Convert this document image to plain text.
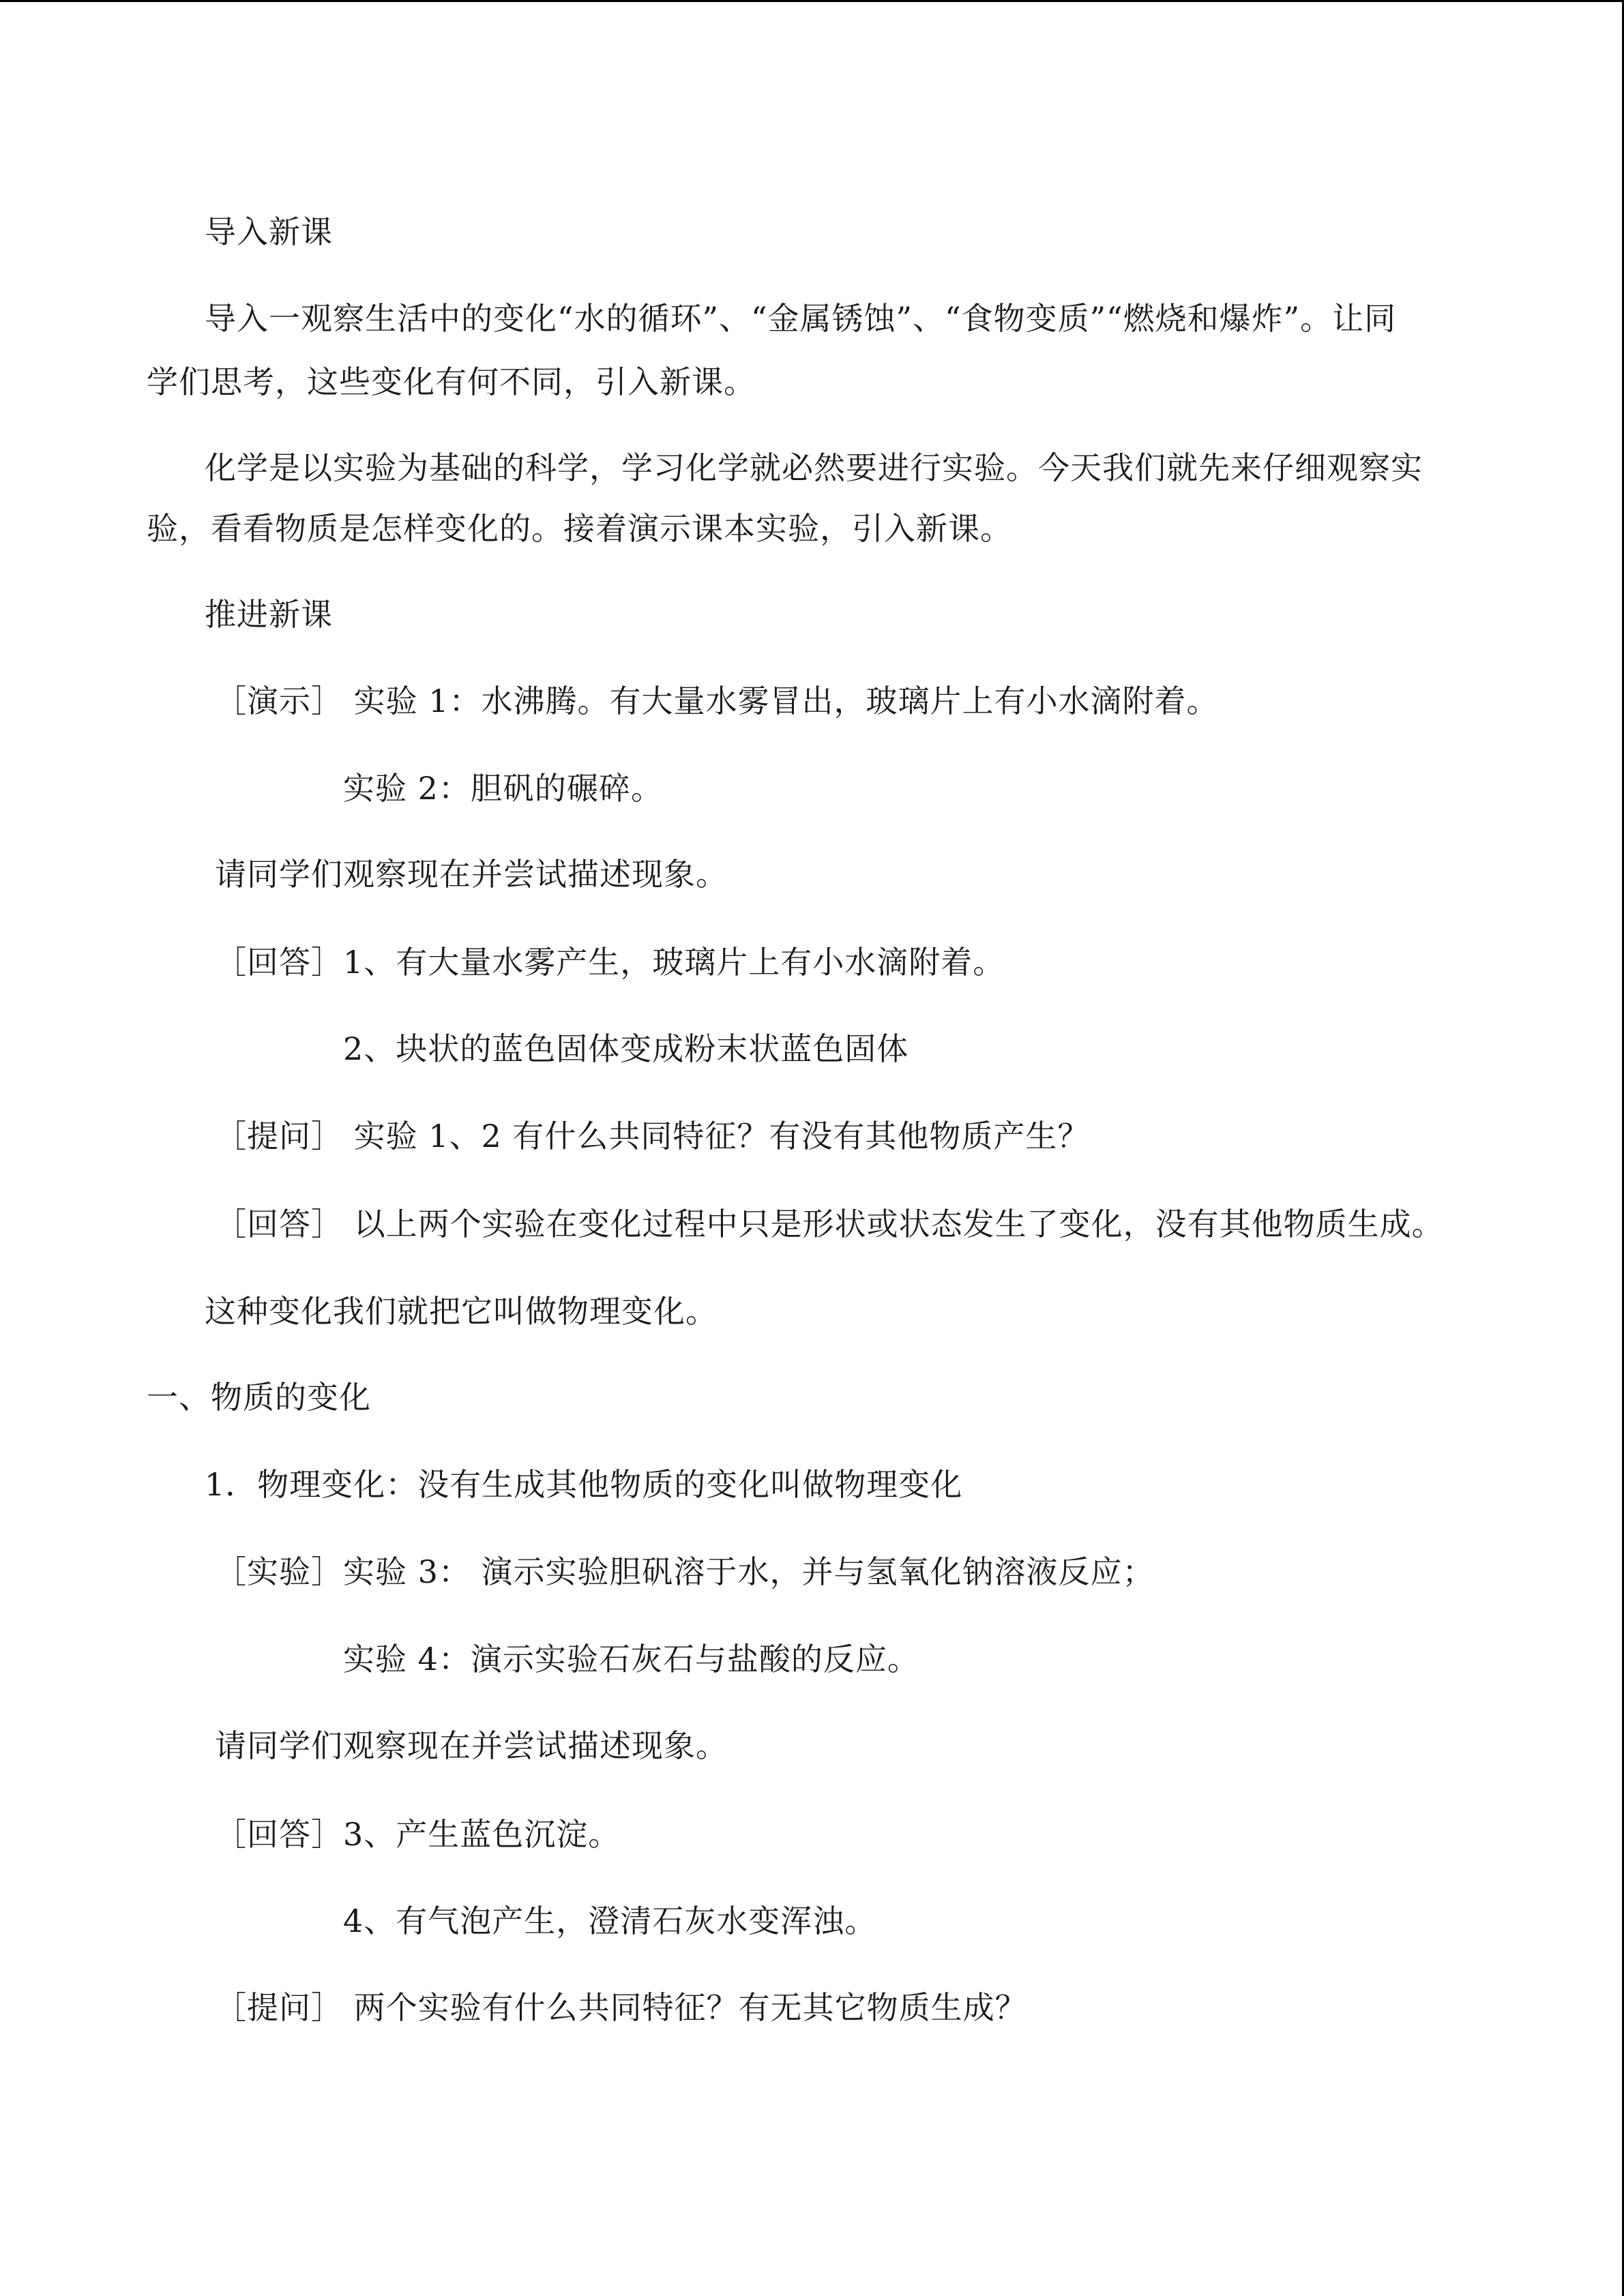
导入新课
导入一观察生活中的变化“水的循环”、“金属锈蚀”、“食物变质”“燃烧和爆炸”。让同
学们思考，这些变化有何不同，引入新课。
化学是以实验为基础的科学，学习化学就必然要进行实验。今天我们就先来仔细观察实
验，看看物质是怎样变化的。接着演示课本实验，引入新课。
推进新课
［演示］ 实验 1：水沸腾。有大量水雾冒出，玻璃片上有小水滴附着。
实验 2：胆矾的碾碎。
请同学们观察现在并尝试描述现象。
［回答］1、有大量水雾产生，玻璃片上有小水滴附着。
2、块状的蓝色固体变成粉末状蓝色固体
［提问］ 实验 1、2 有什么共同特征？有没有其他物质产生？
［回答］ 以上两个实验在变化过程中只是形状或状态发生了变化，没有其他物质生成。
这种变化我们就把它叫做物理变化。
一、物质的变化
1．物理变化：没有生成其他物质的变化叫做物理变化
［实验］实验 3： 演示实验胆矾溶于水，并与氢氧化钠溶液反应；
实验 4：演示实验石灰石与盐酸的反应。
请同学们观察现在并尝试描述现象。
［回答］3、产生蓝色沉淀。
4、有气泡产生，澄清石灰水变浑浊。
［提问］ 两个实验有什么共同特征？有无其它物质生成？
